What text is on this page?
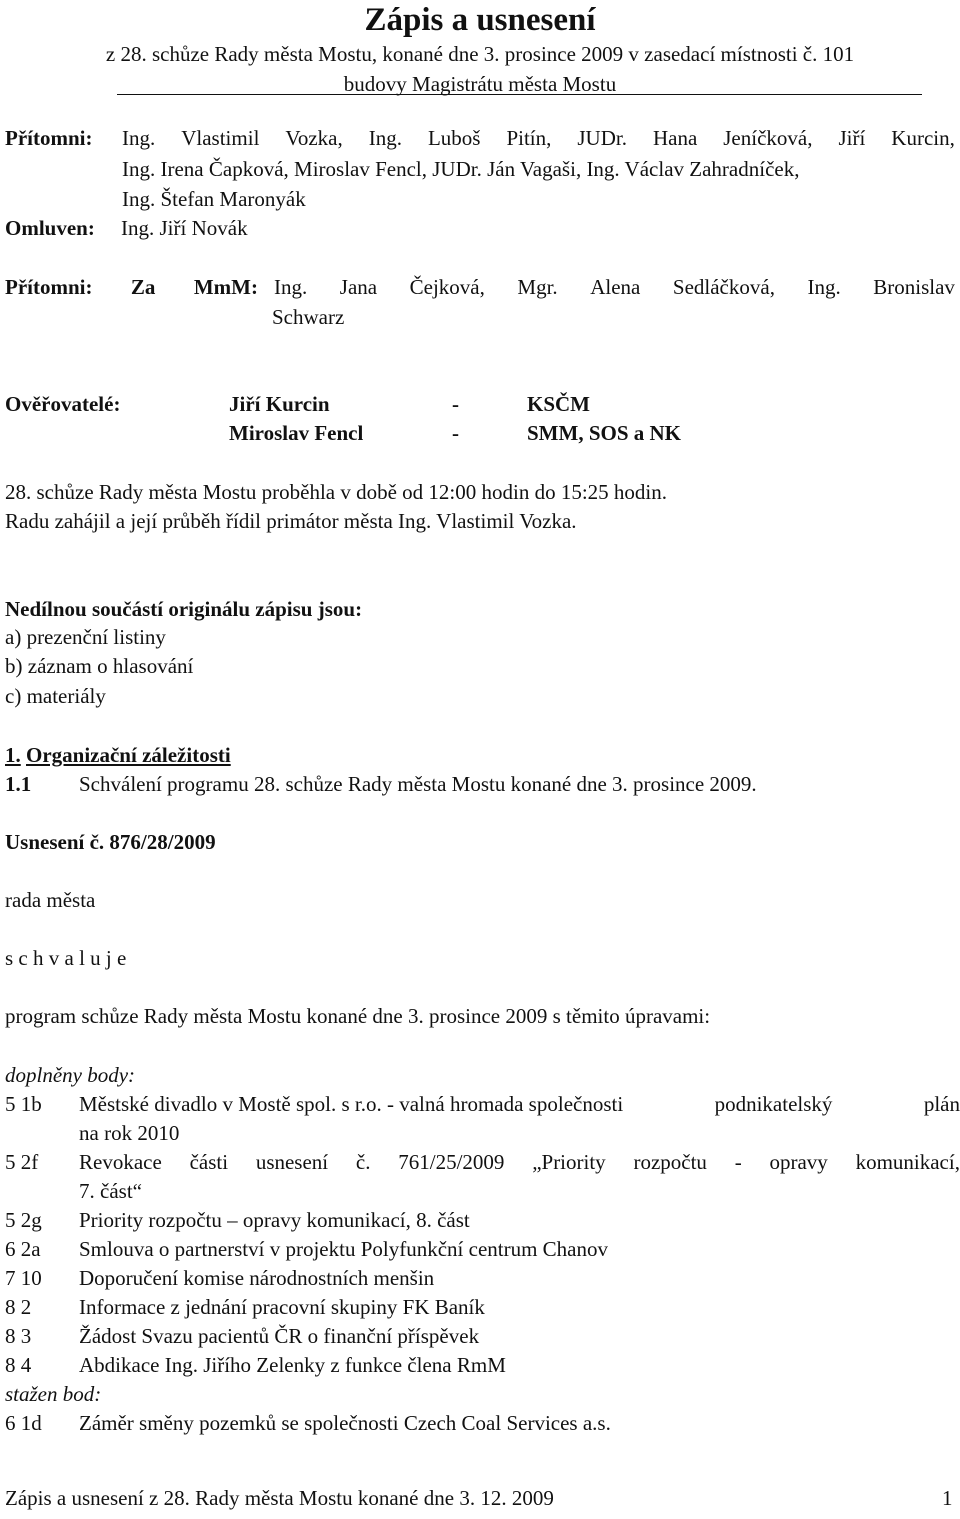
Zápis a usnesení
z 28. schůze Rady města Mostu, konané dne 3. prosince 2009 v zasedací místnosti č. 101
budovy Magistrátu města Mostu
Přítomni: Ing. Vlastimil Vozka, Ing. Luboš Pitín, JUDr. Hana Jeníčková, Jiří Kurcin,
Ing. Irena Čapková, Miroslav Fencl, JUDr. Ján Vagaši, Ing. Václav Zahradníček,
Ing. Štefan Maronyák
Omluven: Ing. Jiří Novák
Přítomni: Za MmM: Ing. Jana Čejková, Mgr. Alena Sedláčková, Ing. Bronislav
Schwarz
Ověřovatelé:	Jiří Kurcin	-	KSČM
Miroslav Fencl	-	SMM, SOS a NK
28. schůze Rady města Mostu proběhla v době od 12:00 hodin do 15:25 hodin.
Radu zahájil a její průběh řídil primátor města Ing. Vlastimil Vozka.
Nedílnou součástí originálu zápisu jsou:
a) prezenční listiny
b) záznam o hlasování
c) materiály
1. Organizační záležitosti
1.1 Schválení programu 28. schůze Rady města Mostu konané dne 3. prosince 2009.
Usnesení č. 876/28/2009
rada města
s c h v a l u j e
program schůze Rady města Mostu konané dne 3. prosince 2009 s těmito úpravami:
doplněny body:
5 1b Městské divadlo v Mostě spol. s r.o. - valná hromada společnosti	podnikatelský	plán
na rok 2010
5 2f Revokace části usnesení č. 761/25/2009 „Priority rozpočtu - opravy komunikací,
7. část“
5 2g Priority rozpočtu – opravy komunikací, 8. část
6 2a Smlouva o partnerství v projektu Polyfunkční centrum Chanov
7 10 Doporučení komise národnostních menšin
8 2 Informace z jednání pracovní skupiny FK Baník
8 3 Žádost Svazu pacientů ČR o finanční příspěvek
8 4 Abdikace Ing. Jiřího Zelenky z funkce člena RmM
stažen bod:
6 1d Záměr směny pozemků se společnosti Czech Coal Services a.s.
Zápis a usnesení z 28. Rady města Mostu konané dne 3. 12. 2009	1
